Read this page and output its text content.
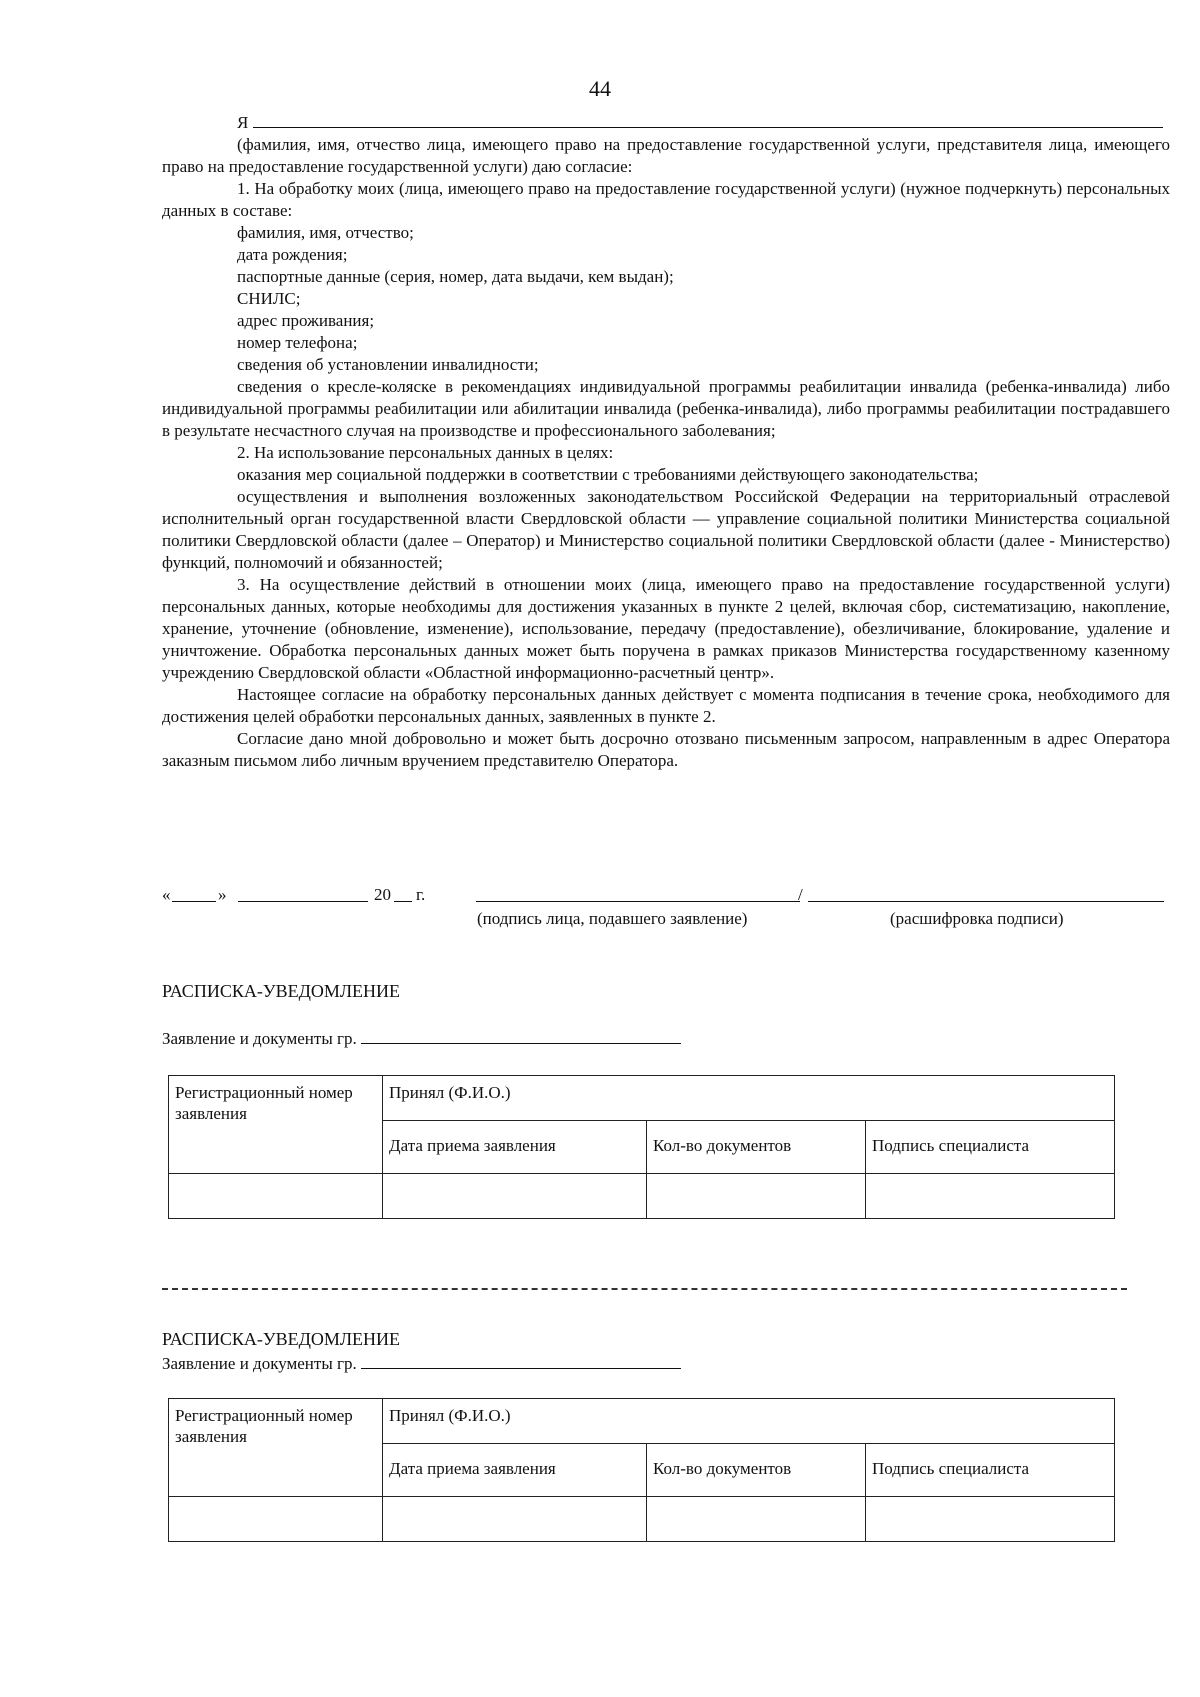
44

Я

(фамилия, имя, отчество лица, имеющего право на предоставление государственной услуги, представителя лица, имеющего право на предоставление государственной услуги) даю согласие:

1. На обработку моих (лица, имеющего право на предоставление государственной услуги) (нужное подчеркнуть) персональных данных в составе:

фамилия, имя, отчество;

дата рождения;

паспортные данные (серия, номер, дата выдачи, кем выдан);

СНИЛС;

адрес проживания;

номер телефона;

сведения об установлении инвалидности;

сведения о кресле-коляске в рекомендациях индивидуальной программы реабилитации инвалида (ребенка-инвалида) либо индивидуальной программы реабилитации или абилитации инвалида (ребенка-инвалида), либо программы реабилитации пострадавшего в результате несчастного случая на производстве и профессионального заболевания;

2. На использование персональных данных в целях:

оказания мер социальной поддержки в соответствии с требованиями действующего законодательства;

осуществления и выполнения возложенных законодательством Российской Федерации на территориальный отраслевой исполнительный орган государственной власти Свердловской области — управление социальной политики Министерства социальной политики Свердловской области (далее – Оператор) и Министерство социальной политики Свердловской области (далее - Министерство) функций, полномочий и обязанностей;

3. На осуществление действий в отношении моих (лица, имеющего право на предоставление государственной услуги) персональных данных, которые необходимы для достижения указанных в пункте 2 целей, включая сбор, систематизацию, накопление, хранение, уточнение (обновление, изменение), использование, передачу (предоставление), обезличивание, блокирование, удаление и уничтожение. Обработка персональных данных может быть поручена в рамках приказов Министерства государственному казенному учреждению Свердловской области «Областной информационно-расчетный центр».

Настоящее согласие на обработку персональных данных действует с момента подписания в течение срока, необходимого для достижения целей обработки персональных данных, заявленных в пункте 2.

Согласие дано мной добровольно и может быть досрочно отозвано письменным запросом, направленным в адрес Оператора заказным письмом либо личным вручением представителю Оператора.

«	»	20 г.	/
(подпись лица, подавшего заявление)	(расшифровка подписи)
РАСПИСКА-УВЕДОМЛЕНИЕ
Заявление и документы гр.
Регистрационный номер заявления	Принял (Ф.И.О.)		
	Дата приема заявления	Кол-во документов	Подпись специалиста

РАСПИСКА-УВЕДОМЛЕНИЕ
Заявление и документы гр.
Регистрационный номер заявления	Принял (Ф.И.О.)		
	Дата приема заявления	Кол-во документов	Подпись специалиста
